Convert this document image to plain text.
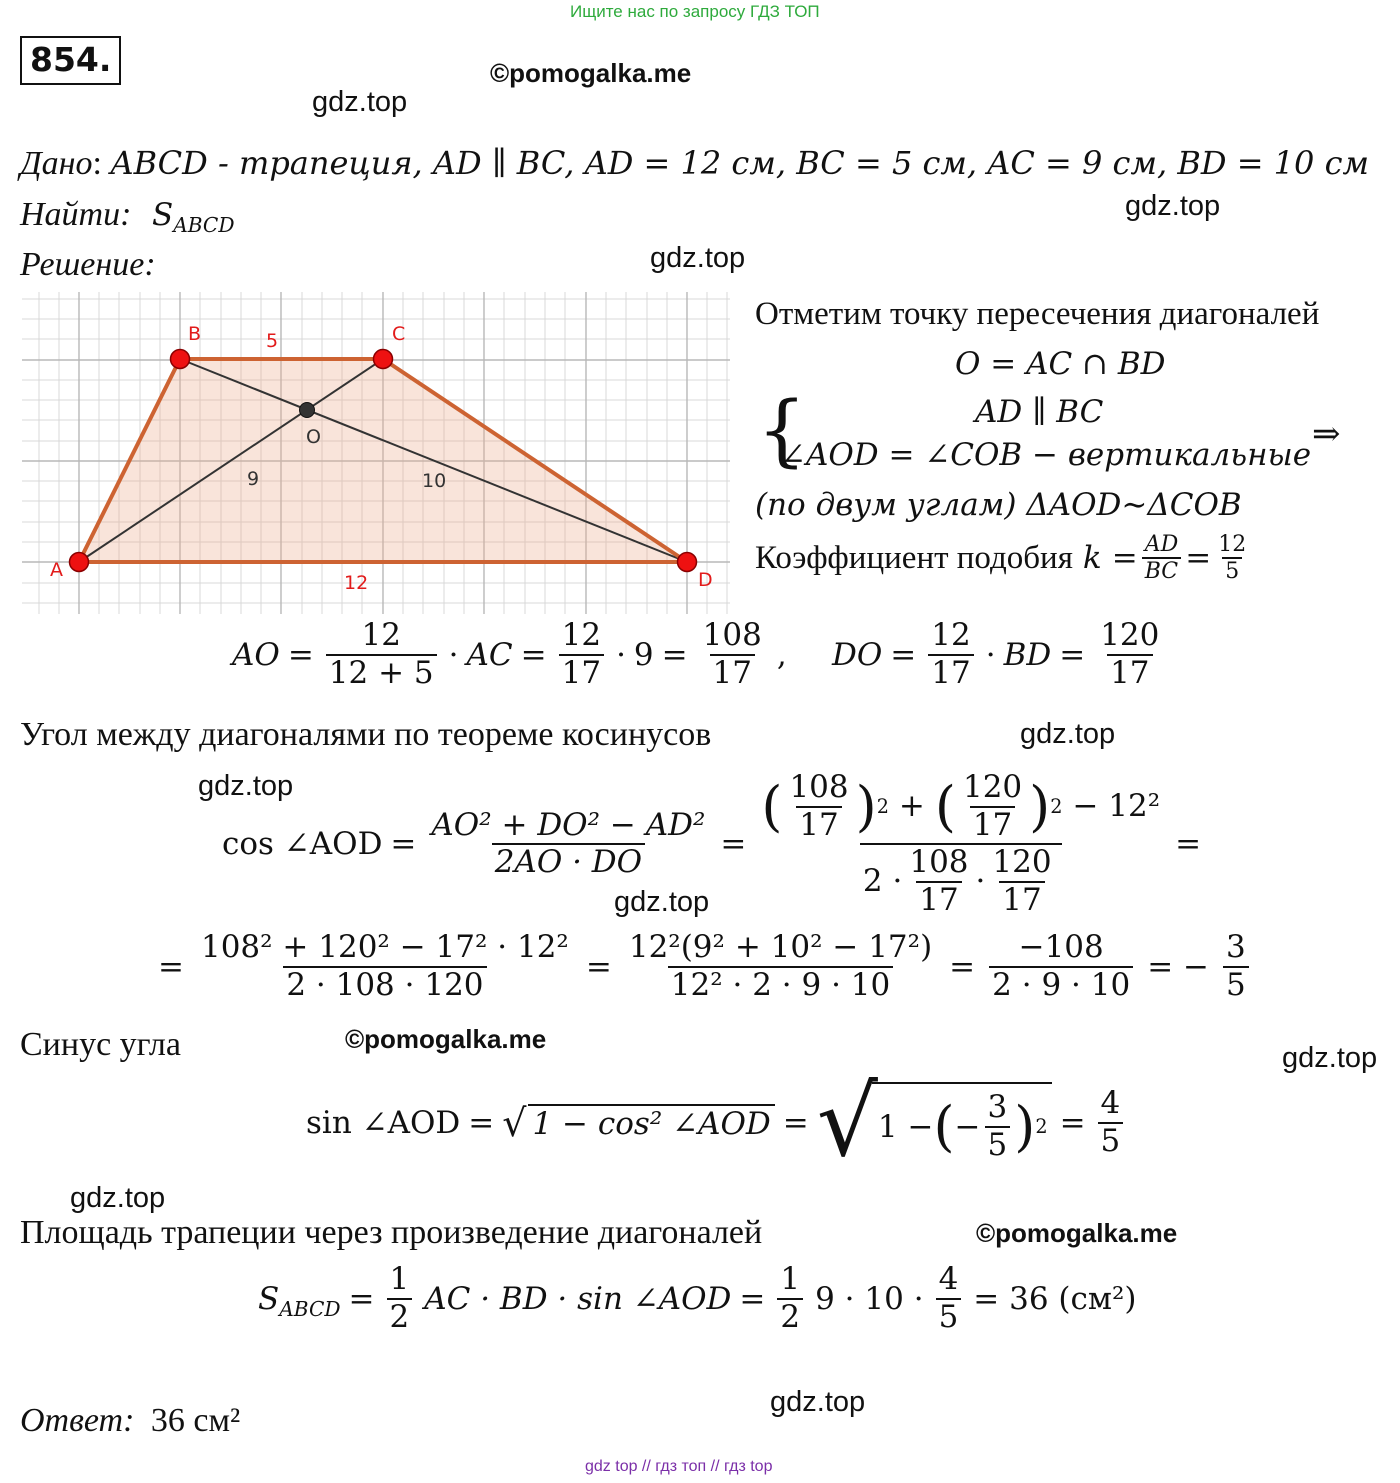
Ищите нас по запросу ГДЗ ТОП
854.	©pomogalka.me
gdz.top
gdz.top
gdz.top
gdz.top
gdz.top
gdz.top
©pomogalka.me
gdz.top
gdz.top
©pomogalka.me
gdz.top
Дано: ABCD - трапеция, AD ∥ BC, AD = 12 см, BC = 5 см, AC = 9 см, BD = 10 см
Найти: $S_{ABCD}$
Решение:
A
B	C
D
5
12
O
9	10
Отметим точку пересечения диагоналей
O = AC ∩ BD
{	AD ∥ BC
∠AOD = ∠COB − вертикальные
⇒
(по двум углам) ΔAOD∼ΔCOB
Коэффициент подобия $k = \frac{AD}{BC} = \frac{12}{5}$
AO = $\frac{12}{12 + 5}$ · AC = $\frac{12}{17} \cdot 9 = \frac{108}{17}$ , DO = $\frac{12}{17}$ · BD = $\frac{120}{17}$
Угол между диагоналями по теореме косинусов
cos ∠AOD = $\frac{\text{AO² + DO² − AD²}}{2AO \cdot DO} = \frac{( \frac{108}{17} ) 2 + ( \frac{120}{17} ) 2 - 12^2}{2 \cdot \frac{108}{17} \cdot \frac{120}{17}}$ =
= $\frac{\text{108² + 120² − 17² · 12²}}{2 \cdot 108 \cdot 120} = \frac{\text{12²(9² + 10² − 17²)}}{\text{12² · 2 · 9 · 10}} = \frac{-108}{2 \cdot 9 \cdot 10}$ = − $\frac{3}{5}$
Синус угла
sin ∠AOD = √ 1 − cos² ∠AOD = √ 1 − ( − $\frac{3}{5}$ ) $2 = \frac{4}{5}$
Площадь трапеции через произведение диагоналей
$S_{ABCD} = \frac{1}{2}$ AC · BD · sin ∠AOD = $\frac{1}{2} 9 \cdot 10 \cdot \frac{4}{5} = 36$ (см²)
Ответ: 36 см²
gdz top // гдз топ // гдз top
